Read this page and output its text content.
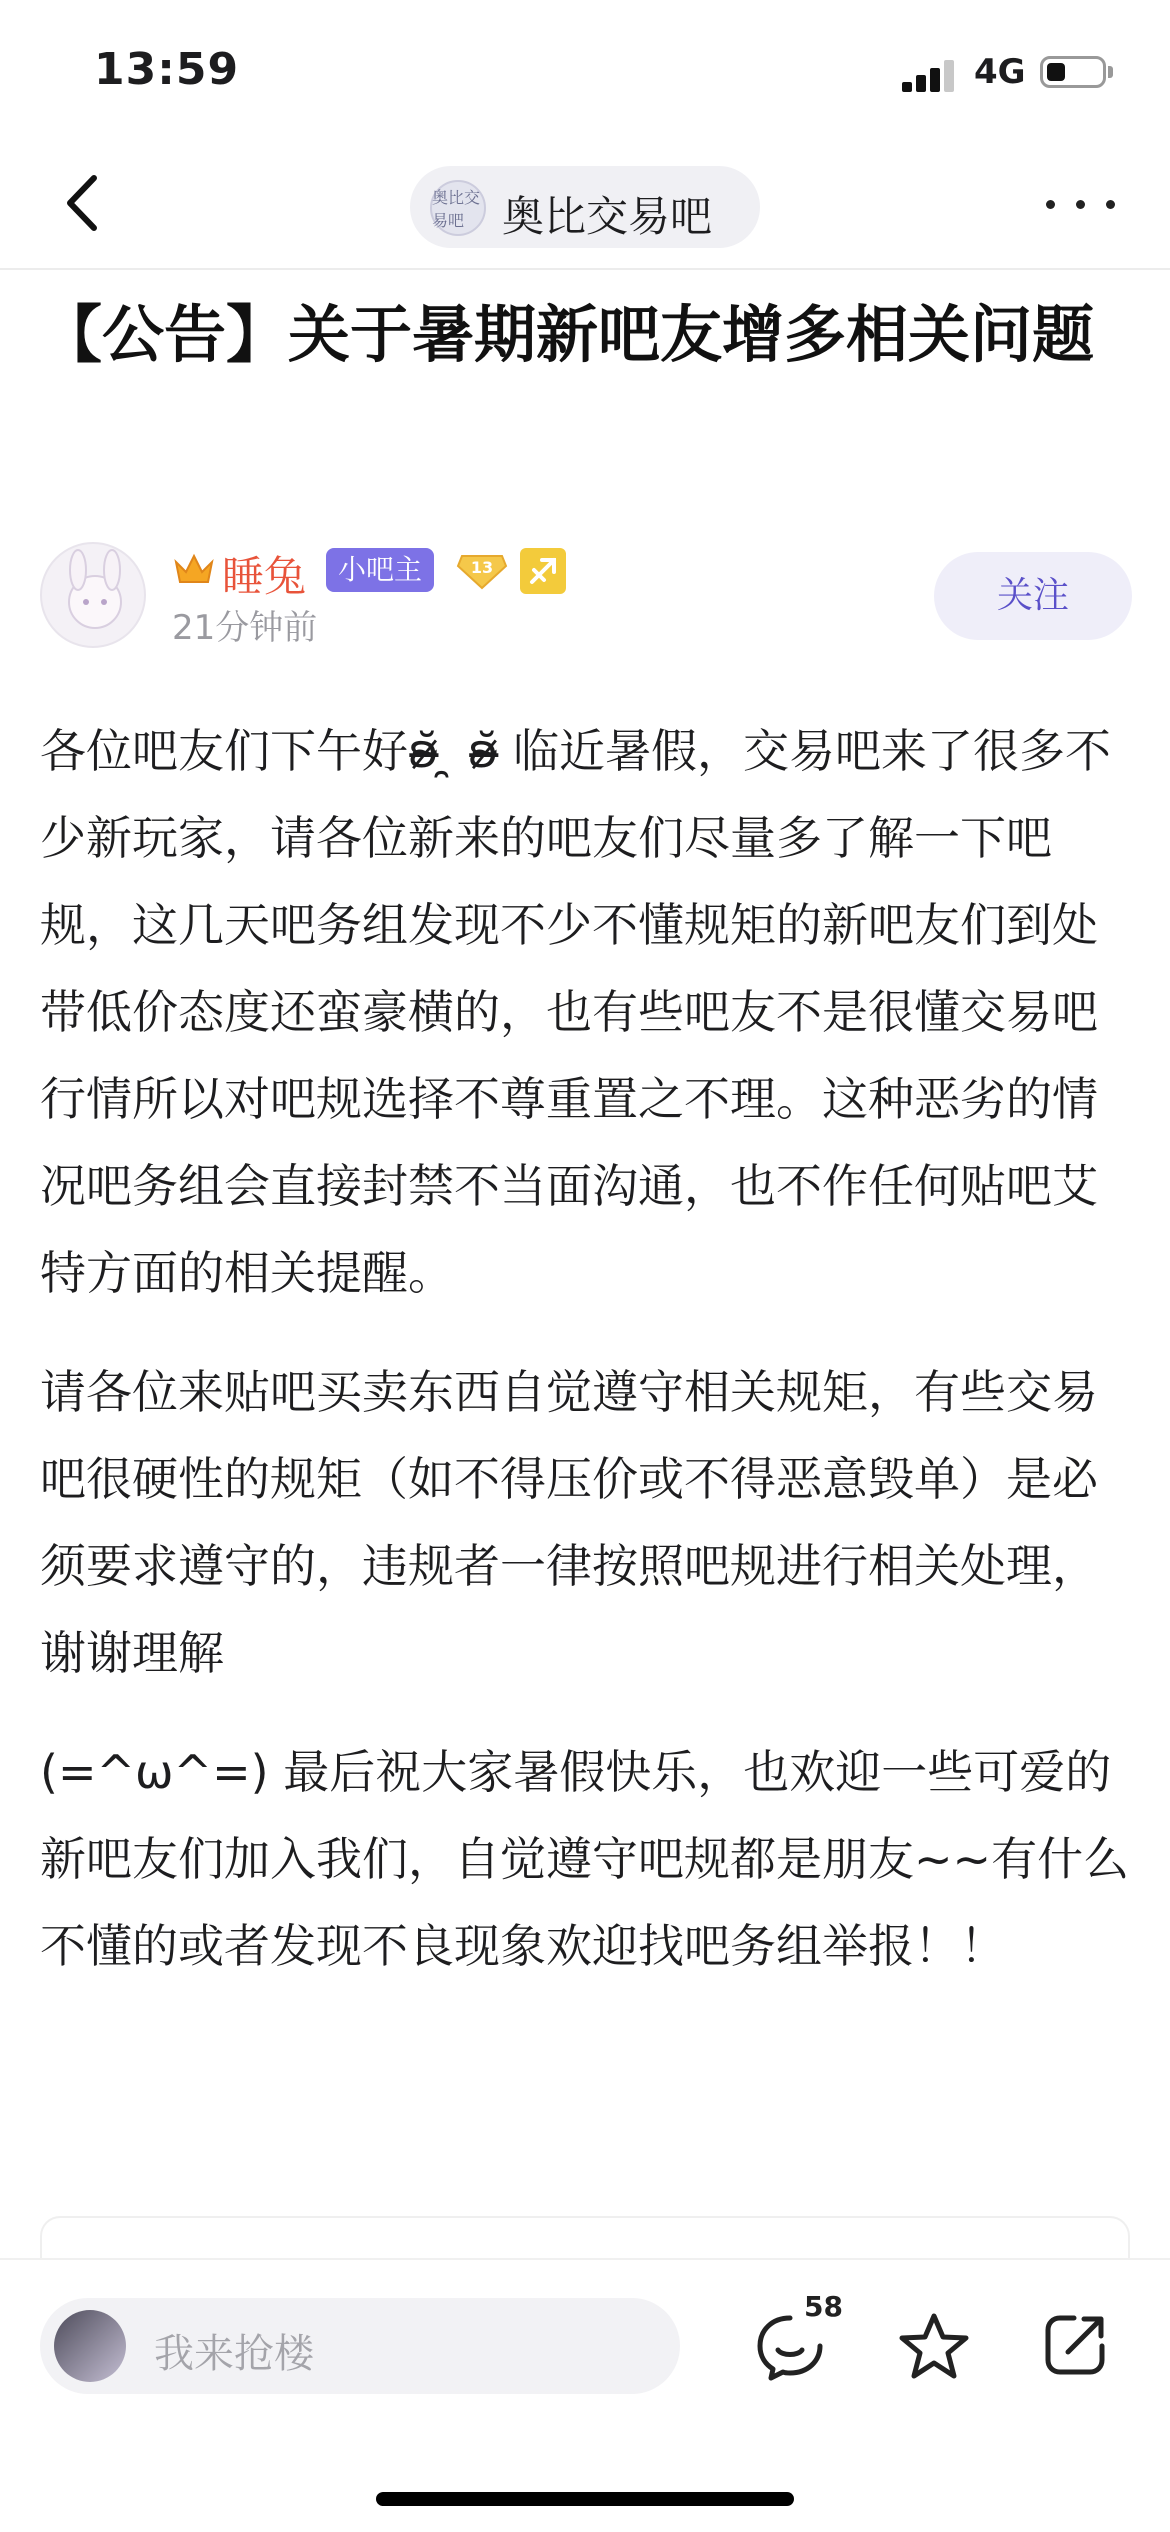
13:59	4G
奥比交易吧 奥比交易吧
【公告】关于暑期新吧友增多相关问题
睡兔	小吧主	13
21分钟前
关注

各位吧友们下午好ʚ̴̶̷̆ ̯ ʚ̴̶̷̆ 临近暑假，交易吧来了很多不少新玩家，请各位新来的吧友们尽量多了解一下吧规，这几天吧务组发现不少不懂规矩的新吧友们到处带低价态度还蛮豪横的，也有些吧友不是很懂交易吧行情所以对吧规选择不尊重置之不理。这种恶劣的情况吧务组会直接封禁不当面沟通，也不作任何贴吧艾特方面的相关提醒。

请各位来贴吧买卖东西自觉遵守相关规矩，有些交易吧很硬性的规矩（如不得压价或不得恶意毁单）是必须要求遵守的，违规者一律按照吧规进行相关处理，谢谢理解

(=^ω^=) 最后祝大家暑假快乐，也欢迎一些可爱的新吧友们加入我们，自觉遵守吧规都是朋友~~有什么不懂的或者发现不良现象欢迎找吧务组举报！！

我来抢楼
58
